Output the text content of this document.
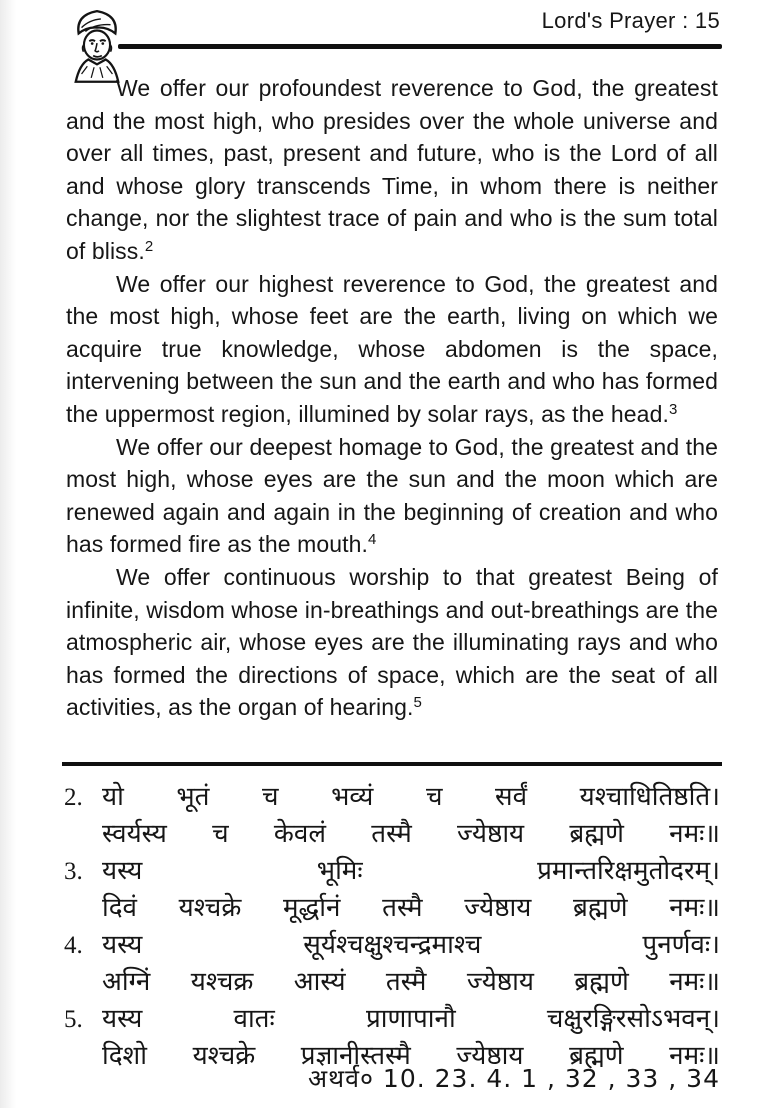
Lord's Prayer : 15

We offer our profoundest reverence to God, the greatest and the most high, who presides over the whole universe and over all times, past, present and future, who is the Lord of all and whose glory transcends Time, in whom there is neither change, nor the slightest trace of pain and who is the sum total of bliss.$^2$

We offer our highest reverence to God, the greatest and the most high, whose feet are the earth, living on which we acquire true knowledge, whose abdomen is the space, intervening between the sun and the earth and who has formed the uppermost region, illumined by solar rays, as the head.$^3$

We offer our deepest homage to God, the greatest and the most high, whose eyes are the sun and the moon which are renewed again and again in the beginning of creation and who has formed fire as the mouth.$^4$

We offer continuous worship to that greatest Being of infinite, wisdom whose in-breathings and out-breathings are the atmospheric air, whose eyes are the illuminating rays and who has formed the directions of space, which are the seat of all activities, as the organ of hearing.$^5$

2. यो भूतं च भव्यं च सर्वं यश्चाधितिष्ठति।
स्वर्यस्य च केवलं तस्मै ज्येष्ठाय ब्रह्मणे नमः॥
3. यस्य भूमिः प्रमान्तरिक्षमुतोदरम्।
दिवं यश्चक्रे मूर्द्धानं तस्मै ज्येष्ठाय ब्रह्मणे नमः॥
4. यस्य सूर्यश्चक्षुश्चन्द्रमाश्च पुनर्णवः।
अग्निं यश्चक्र आस्यं तस्मै ज्येष्ठाय ब्रह्मणे नमः॥
5. यस्य वातः प्राणापानौ चक्षुरङ्गिरसोऽभवन्।
दिशो यश्चक्रे प्रज्ञानीस्तस्मै ज्येष्ठाय ब्रह्मणे नमः॥
अथर्व० 10. 23. 4. 1 , 32 , 33 , 34
